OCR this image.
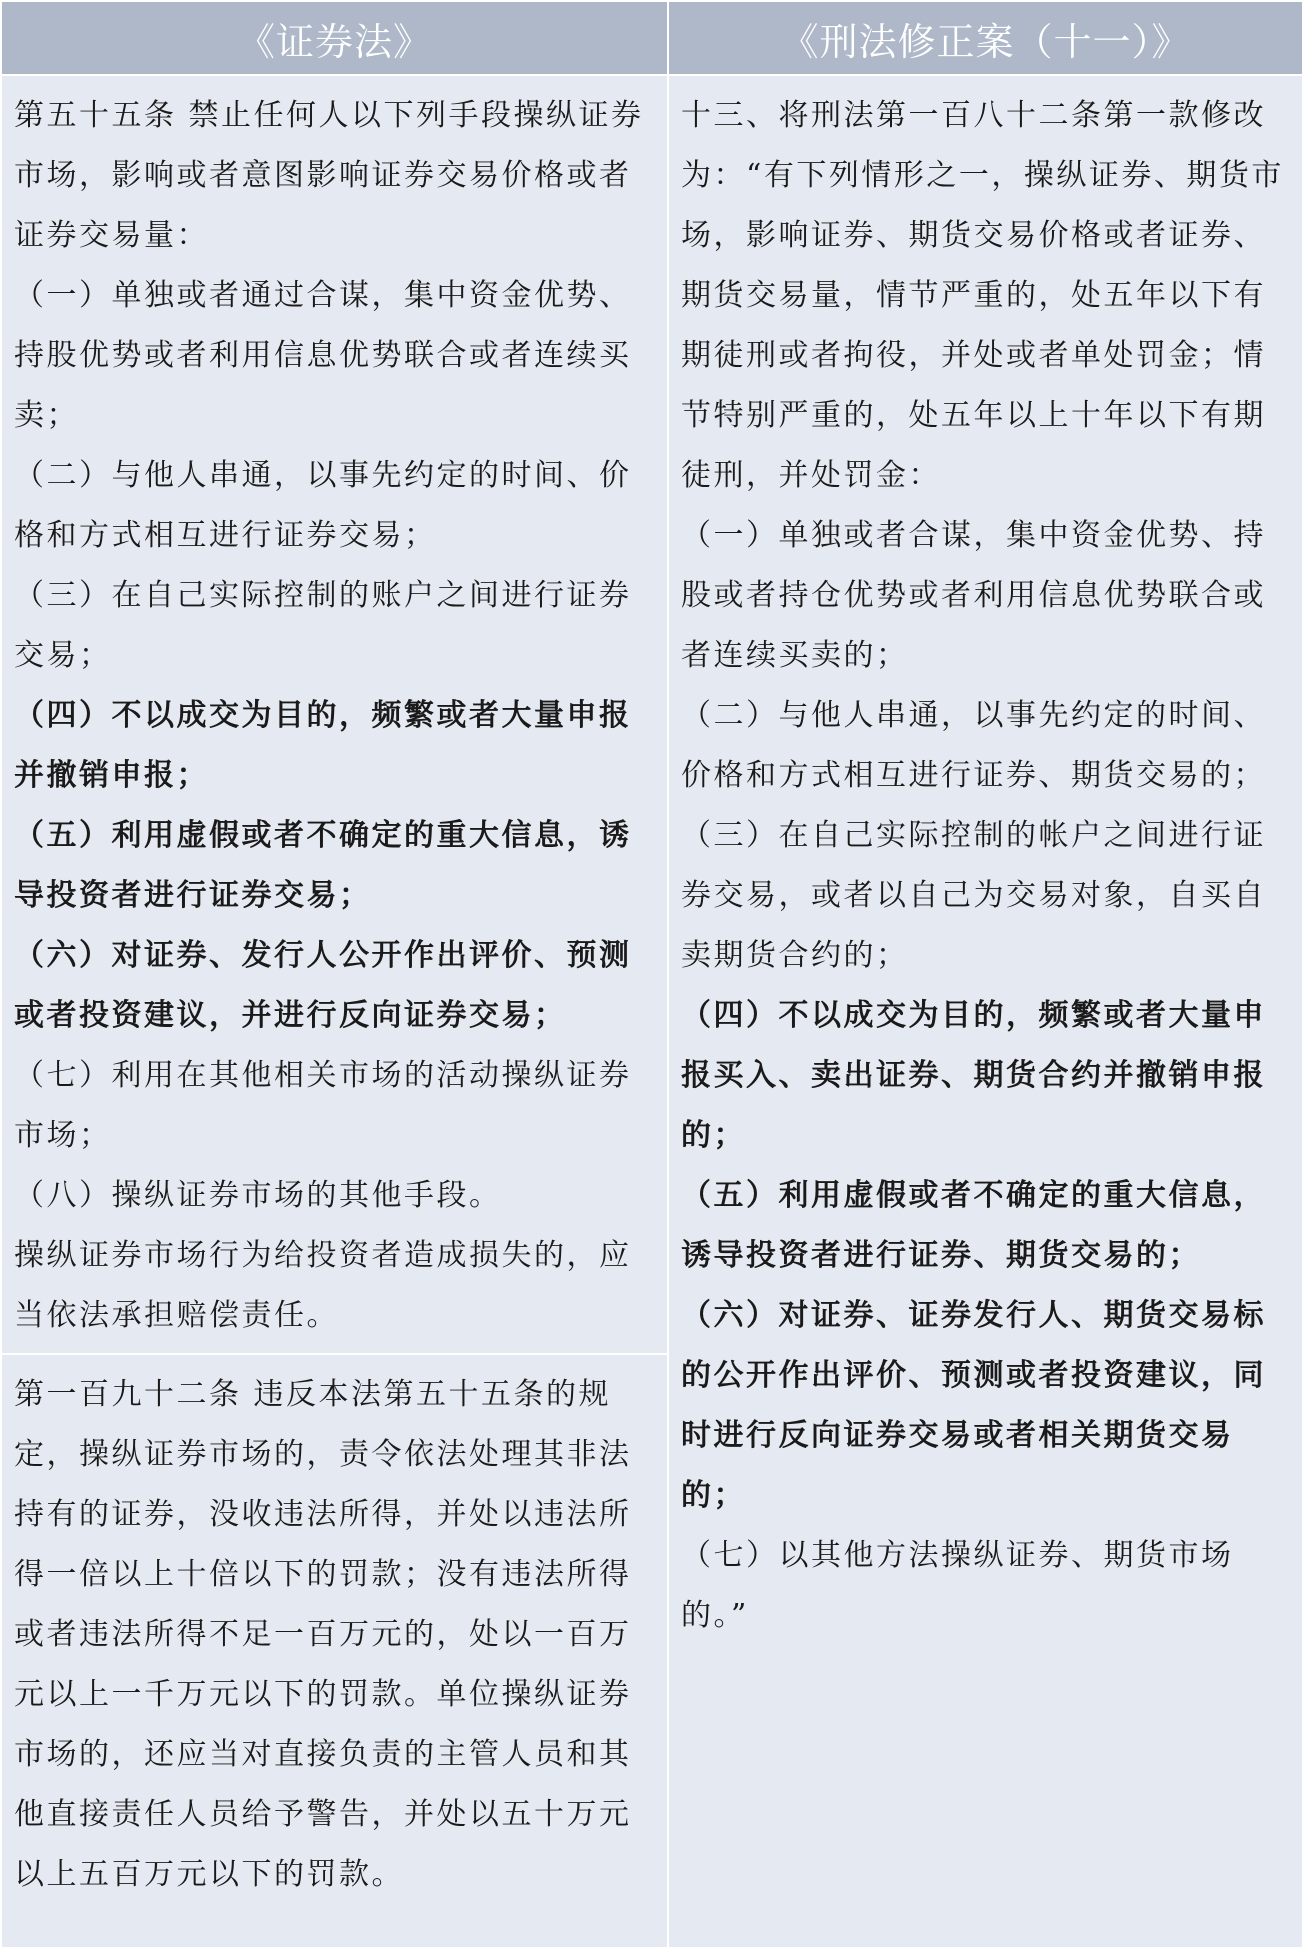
《证券法》	《刑法修正案（十一）》

第五十五条 禁止任何人以下列手段操纵证券市场，影响或者意图影响证券交易价格或者证券交易量：

（一）单独或者通过合谋，集中资金优势、持股优势或者利用信息优势联合或者连续买卖；

（二）与他人串通，以事先约定的时间、价格和方式相互进行证券交易；

（三）在自己实际控制的账户之间进行证券交易；

（四）不以成交为目的，频繁或者大量申报并撤销申报；

（五）利用虚假或者不确定的重大信息，诱导投资者进行证券交易；

（六）对证券、发行人公开作出评价、预测或者投资建议，并进行反向证券交易；

（七）利用在其他相关市场的活动操纵证券市场；

（八）操纵证券市场的其他手段。

操纵证券市场行为给投资者造成损失的，应当依法承担赔偿责任。

第一百九十二条 违反本法第五十五条的规定，操纵证券市场的，责令依法处理其非法持有的证券，没收违法所得，并处以违法所得一倍以上十倍以下的罚款；没有违法所得或者违法所得不足一百万元的，处以一百万元以上一千万元以下的罚款。单位操纵证券市场的，还应当对直接负责的主管人员和其他直接责任人员给予警告，并处以五十万元以上五百万元以下的罚款。

十三、将刑法第一百八十二条第一款修改为：“有下列情形之一，操纵证券、期货市场，影响证券、期货交易价格或者证券、期货交易量，情节严重的，处五年以下有期徒刑或者拘役，并处或者单处罚金；情节特别严重的，处五年以上十年以下有期徒刑，并处罚金：

（一）单独或者合谋，集中资金优势、持股或者持仓优势或者利用信息优势联合或者连续买卖的；

（二）与他人串通，以事先约定的时间、价格和方式相互进行证券、期货交易的；

（三）在自己实际控制的帐户之间进行证券交易，或者以自己为交易对象，自买自卖期货合约的；

（四）不以成交为目的，频繁或者大量申报买入、卖出证券、期货合约并撤销申报的；

（五）利用虚假或者不确定的重大信息，诱导投资者进行证券、期货交易的；

（六）对证券、证券发行人、期货交易标的公开作出评价、预测或者投资建议，同时进行反向证券交易或者相关期货交易的；

（七）以其他方法操纵证券、期货市场的。”
